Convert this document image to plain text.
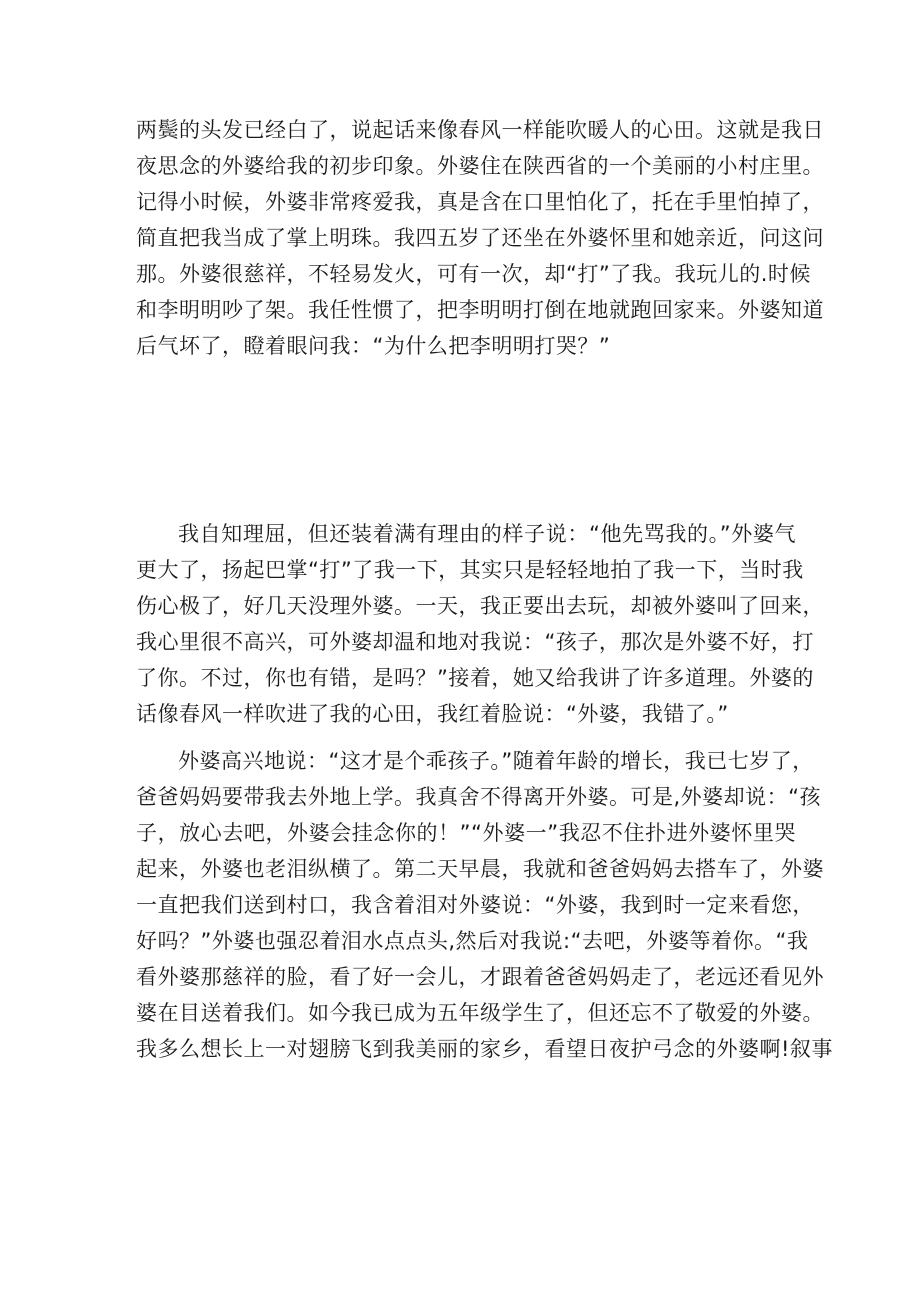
两鬓的头发已经白了，说起话来像春风一样能吹暖人的心田。这就是我日
夜思念的外婆给我的初步印象。外婆住在陕西省的一个美丽的小村庄里。
记得小时候，外婆非常疼爱我，真是含在口里怕化了，托在手里怕掉了，
简直把我当成了掌上明珠。我四五岁了还坐在外婆怀里和她亲近，问这问
那。外婆很慈祥，不轻易发火，可有一次，却“打”了我。我玩儿的.时候
和李明明吵了架。我任性惯了，把李明明打倒在地就跑回家来。外婆知道
后气坏了，瞪着眼问我：“为什么把李明明打哭？”
我自知理屈，但还装着满有理由的样子说：“他先骂我的。”外婆气
更大了，扬起巴掌“打”了我一下，其实只是轻轻地拍了我一下，当时我
伤心极了，好几天没理外婆。一天，我正要出去玩，却被外婆叫了回来，
我心里很不高兴，可外婆却温和地对我说：“孩子，那次是外婆不好，打
了你。不过，你也有错，是吗？”接着，她又给我讲了许多道理。外婆的
话像春风一样吹进了我的心田，我红着脸说：“外婆，我错了。”
外婆高兴地说：“这才是个乖孩子。”随着年龄的增长，我已七岁了，
爸爸妈妈要带我去外地上学。我真舍不得离开外婆。可是,外婆却说：“孩
子，放心去吧，外婆会挂念你的！”“外婆一”我忍不住扑进外婆怀里哭
起来，外婆也老泪纵横了。第二天早晨，我就和爸爸妈妈去搭车了，外婆
一直把我们送到村口，我含着泪对外婆说：“外婆，我到时一定来看您，
好吗？”外婆也强忍着泪水点点头,然后对我说:“去吧，外婆等着你。“我
看外婆那慈祥的脸，看了好一会儿，才跟着爸爸妈妈走了，老远还看见外
婆在目送着我们。如今我已成为五年级学生了，但还忘不了敬爱的外婆。
我多么想长上一对翅膀飞到我美丽的家乡，看望日夜护弓念的外婆啊!叙事
